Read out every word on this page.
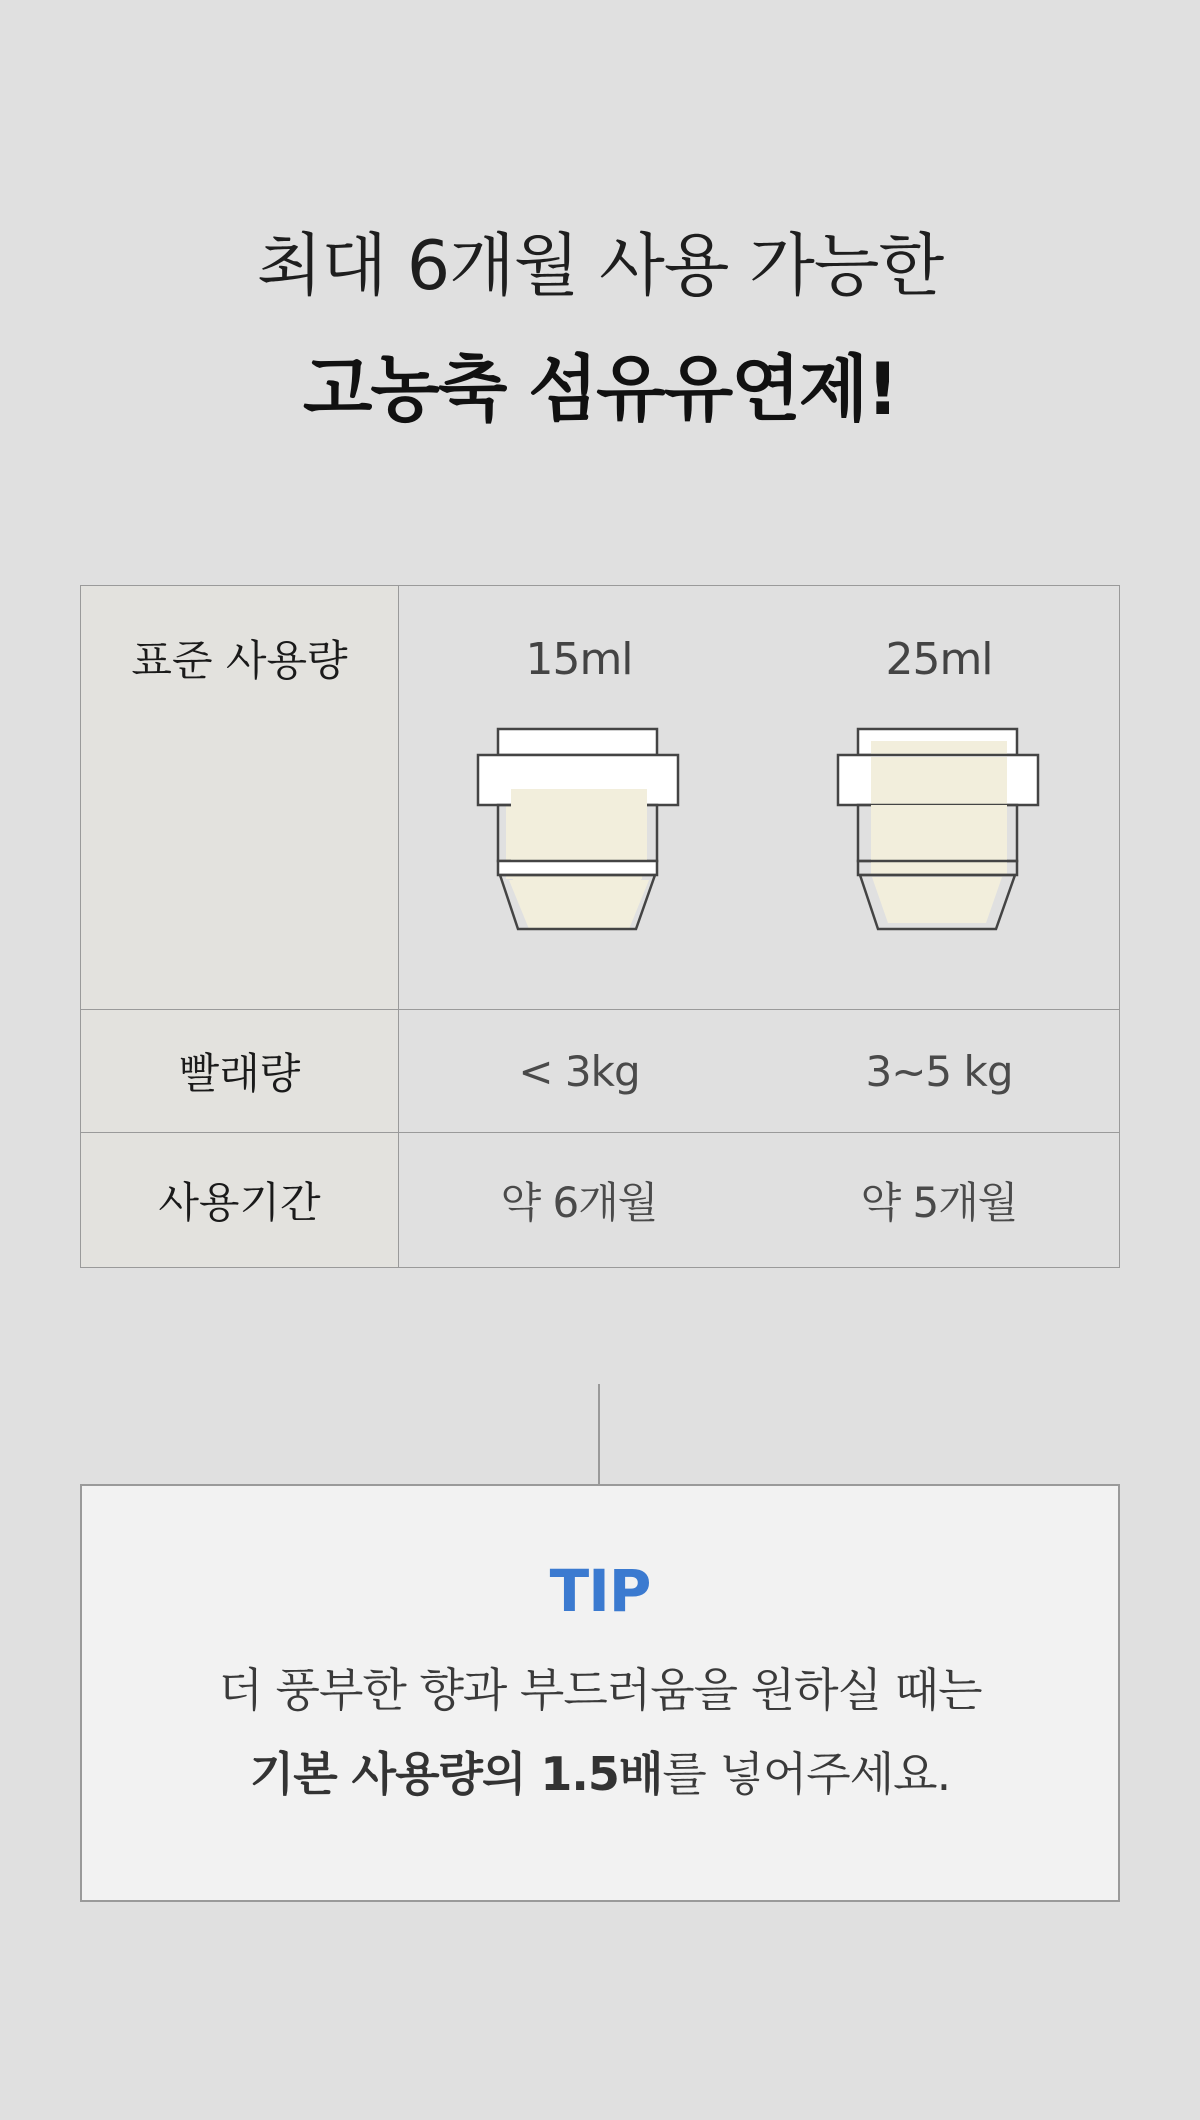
최대 6개월 사용 가능한
고농축 섬유유연제!
표준 사용량	15ml 25ml

빨래량	< 3kg 3~5 kg

사용기간	약 6개월 약 5개월
TIP
더 풍부한 향과 부드러움을 원하실 때는
기본 사용량의 1.5배를 넣어주세요.
